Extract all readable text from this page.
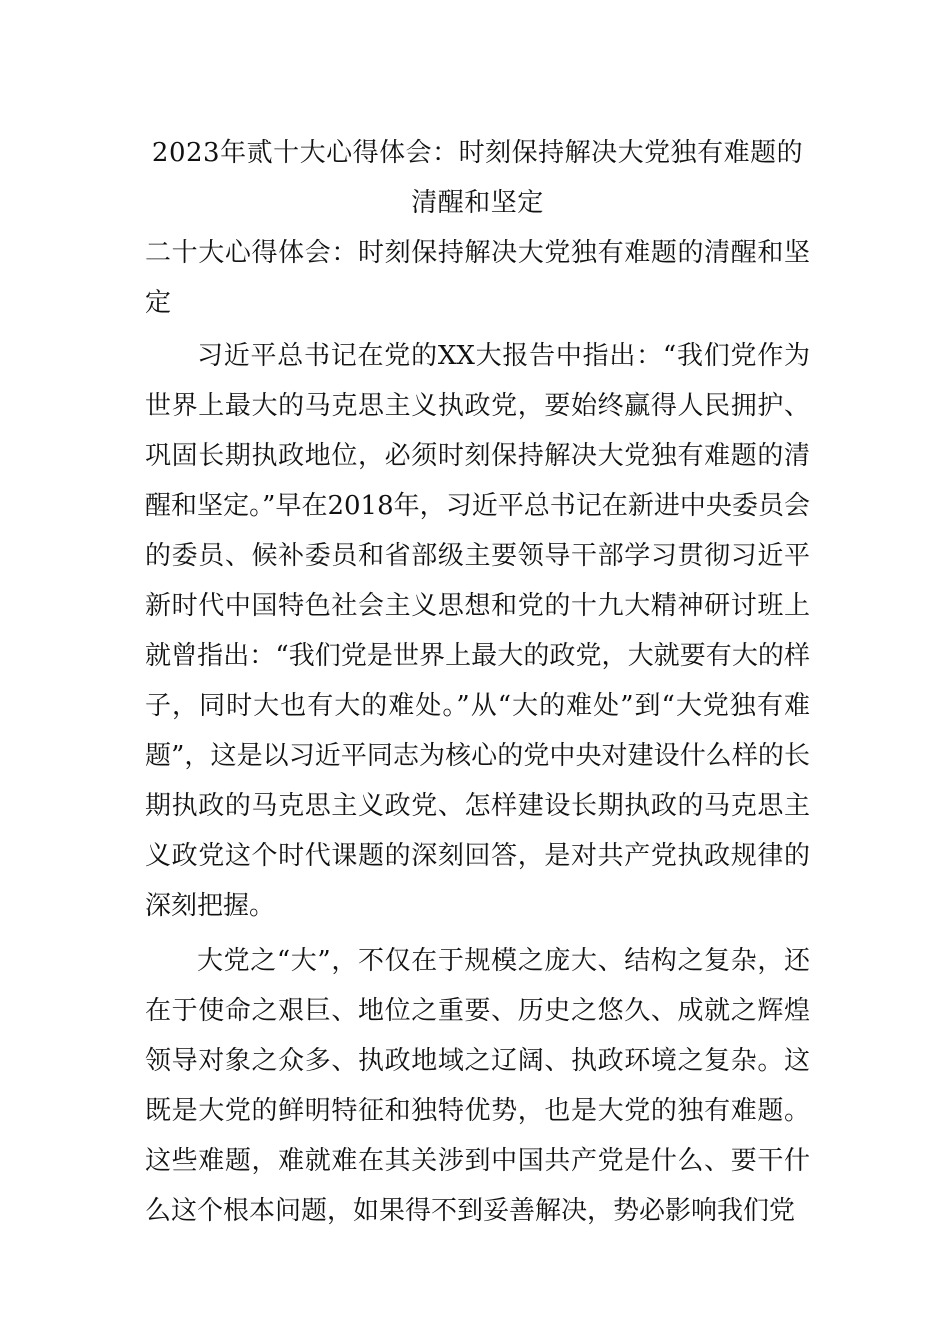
2023年贰十大心得体会：时刻保持解决大党独有难题的清醒和坚定

二十大心得体会：时刻保持解决大党独有难题的清醒和坚定

习近平总书记在党的XX大报告中指出：“我们党作为世界上最大的马克思主义执政党，要始终赢得人民拥护、巩固长期执政地位，必须时刻保持解决大党独有难题的清醒和坚定。”早在2018年，习近平总书记在新进中央委员会的委员、候补委员和省部级主要领导干部学习贯彻习近平新时代中国特色社会主义思想和党的十九大精神研讨班上就曾指出：“我们党是世界上最大的政党，大就要有大的样子，同时大也有大的难处。”从“大的难处”到“大党独有难题”，这是以习近平同志为核心的党中央对建设什么样的长期执政的马克思主义政党、怎样建设长期执政的马克思主义政党这个时代课题的深刻回答，是对共产党执政规律的深刻把握。

大党之“大”，不仅在于规模之庞大、结构之复杂，还在于使命之艰巨、地位之重要、历史之悠久、成就之辉煌领导对象之众多、执政地域之辽阔、执政环境之复杂。这既是大党的鲜明特征和独特优势，也是大党的独有难题。这些难题，难就难在其关涉到中国共产党是什么、要干什么这个根本问题，如果得不到妥善解决，势必影响我们党
